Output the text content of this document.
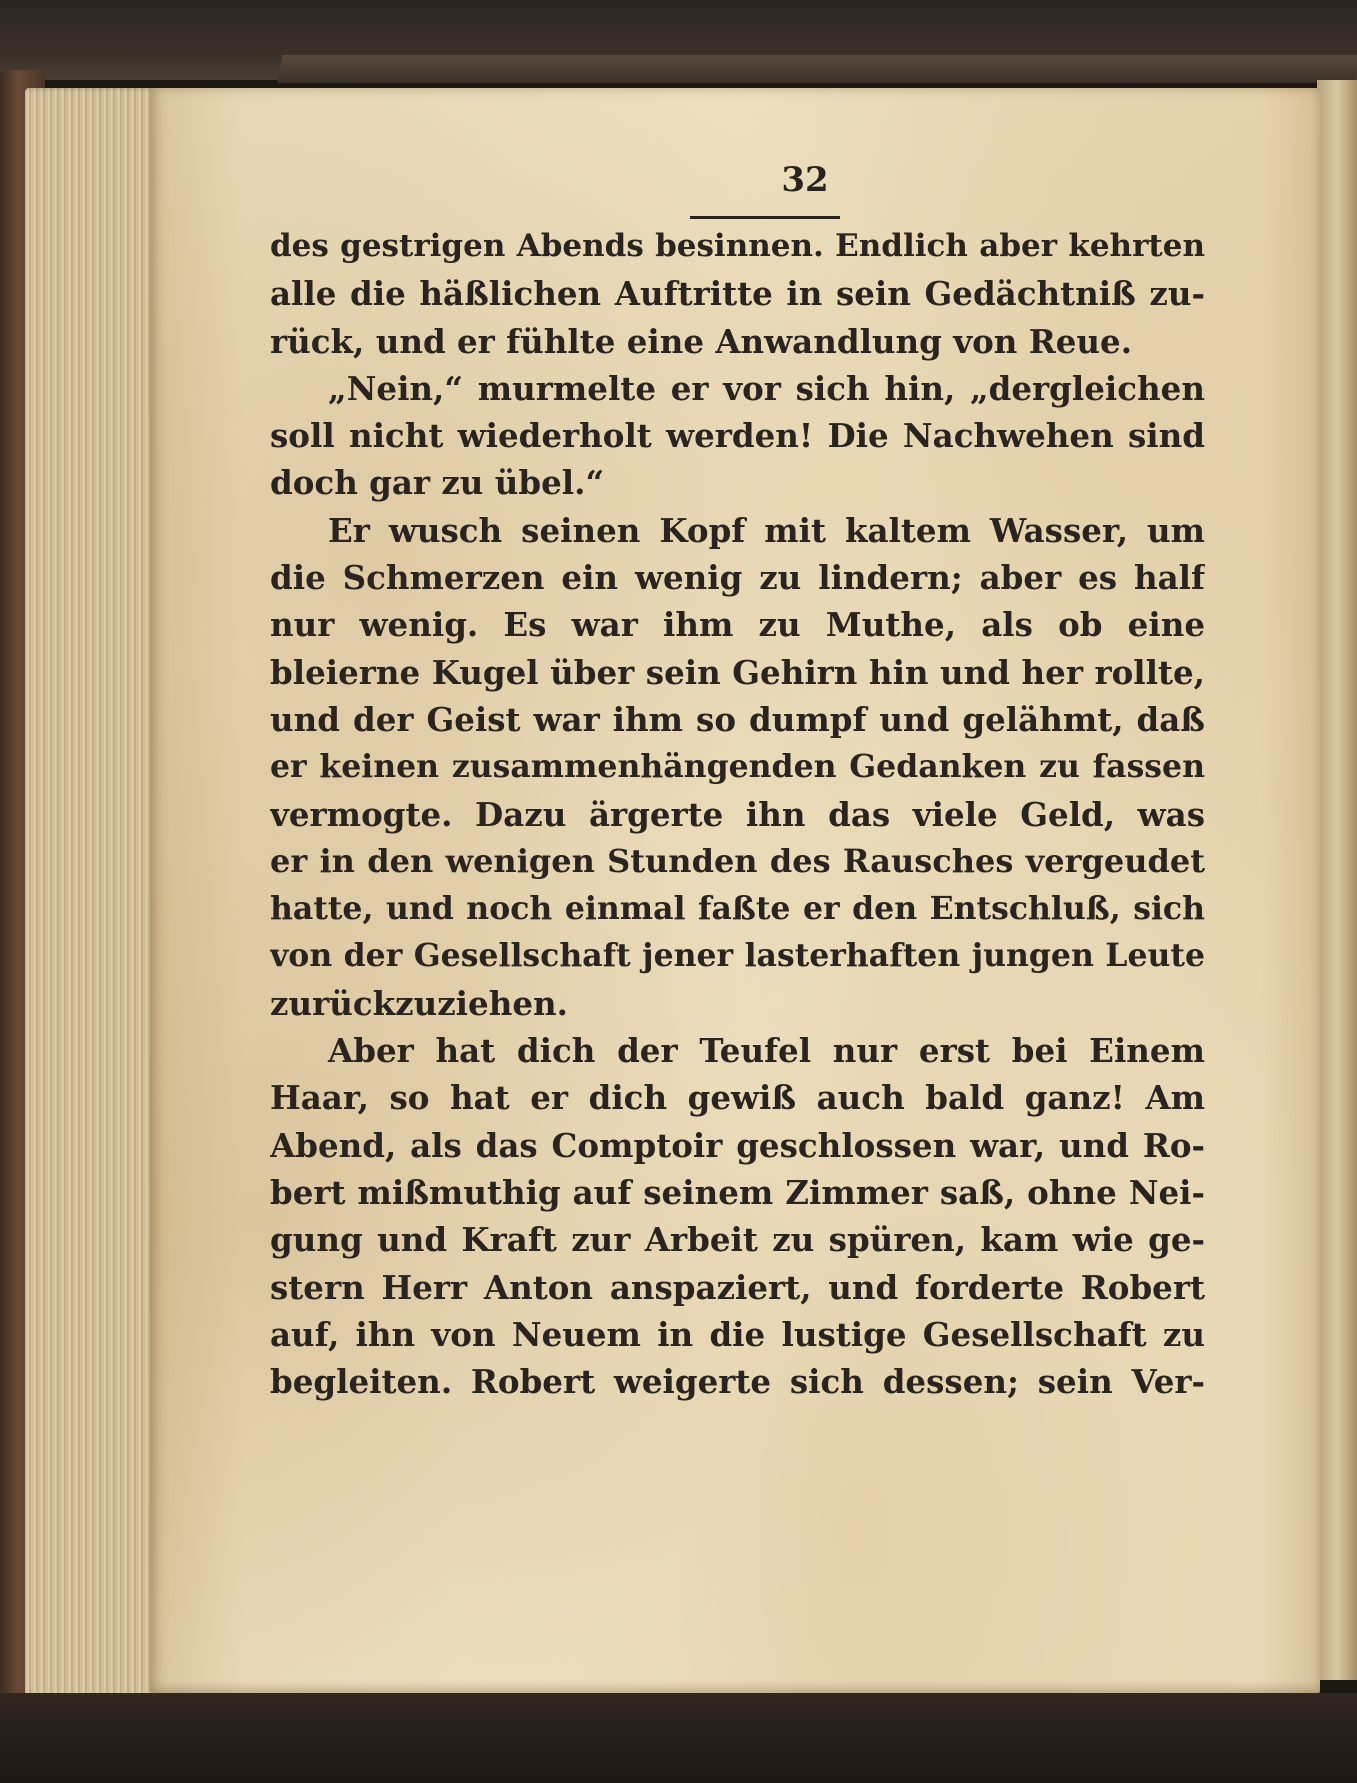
32
des gestrigen Abends besinnen. Endlich aber kehrten
alle die häßlichen Auftritte in sein Gedächtniß zu-
rück, und er fühlte eine Anwandlung von Reue.
„Nein,“ murmelte er vor sich hin, „dergleichen
soll nicht wiederholt werden! Die Nachwehen sind
doch gar zu übel.“
Er wusch seinen Kopf mit kaltem Wasser, um
die Schmerzen ein wenig zu lindern; aber es half
nur wenig. Es war ihm zu Muthe, als ob eine
bleierne Kugel über sein Gehirn hin und her rollte,
und der Geist war ihm so dumpf und gelähmt, daß
er keinen zusammenhängenden Gedanken zu fassen
vermogte. Dazu ärgerte ihn das viele Geld, was
er in den wenigen Stunden des Rausches vergeudet
hatte, und noch einmal faßte er den Entschluß, sich
von der Gesellschaft jener lasterhaften jungen Leute
zurückzuziehen.
Aber hat dich der Teufel nur erst bei Einem
Haar, so hat er dich gewiß auch bald ganz! Am
Abend, als das Comptoir geschlossen war, und Ro-
bert mißmuthig auf seinem Zimmer saß, ohne Nei-
gung und Kraft zur Arbeit zu spüren, kam wie ge-
stern Herr Anton anspaziert, und forderte Robert
auf, ihn von Neuem in die lustige Gesellschaft zu
begleiten. Robert weigerte sich dessen; sein Ver-
